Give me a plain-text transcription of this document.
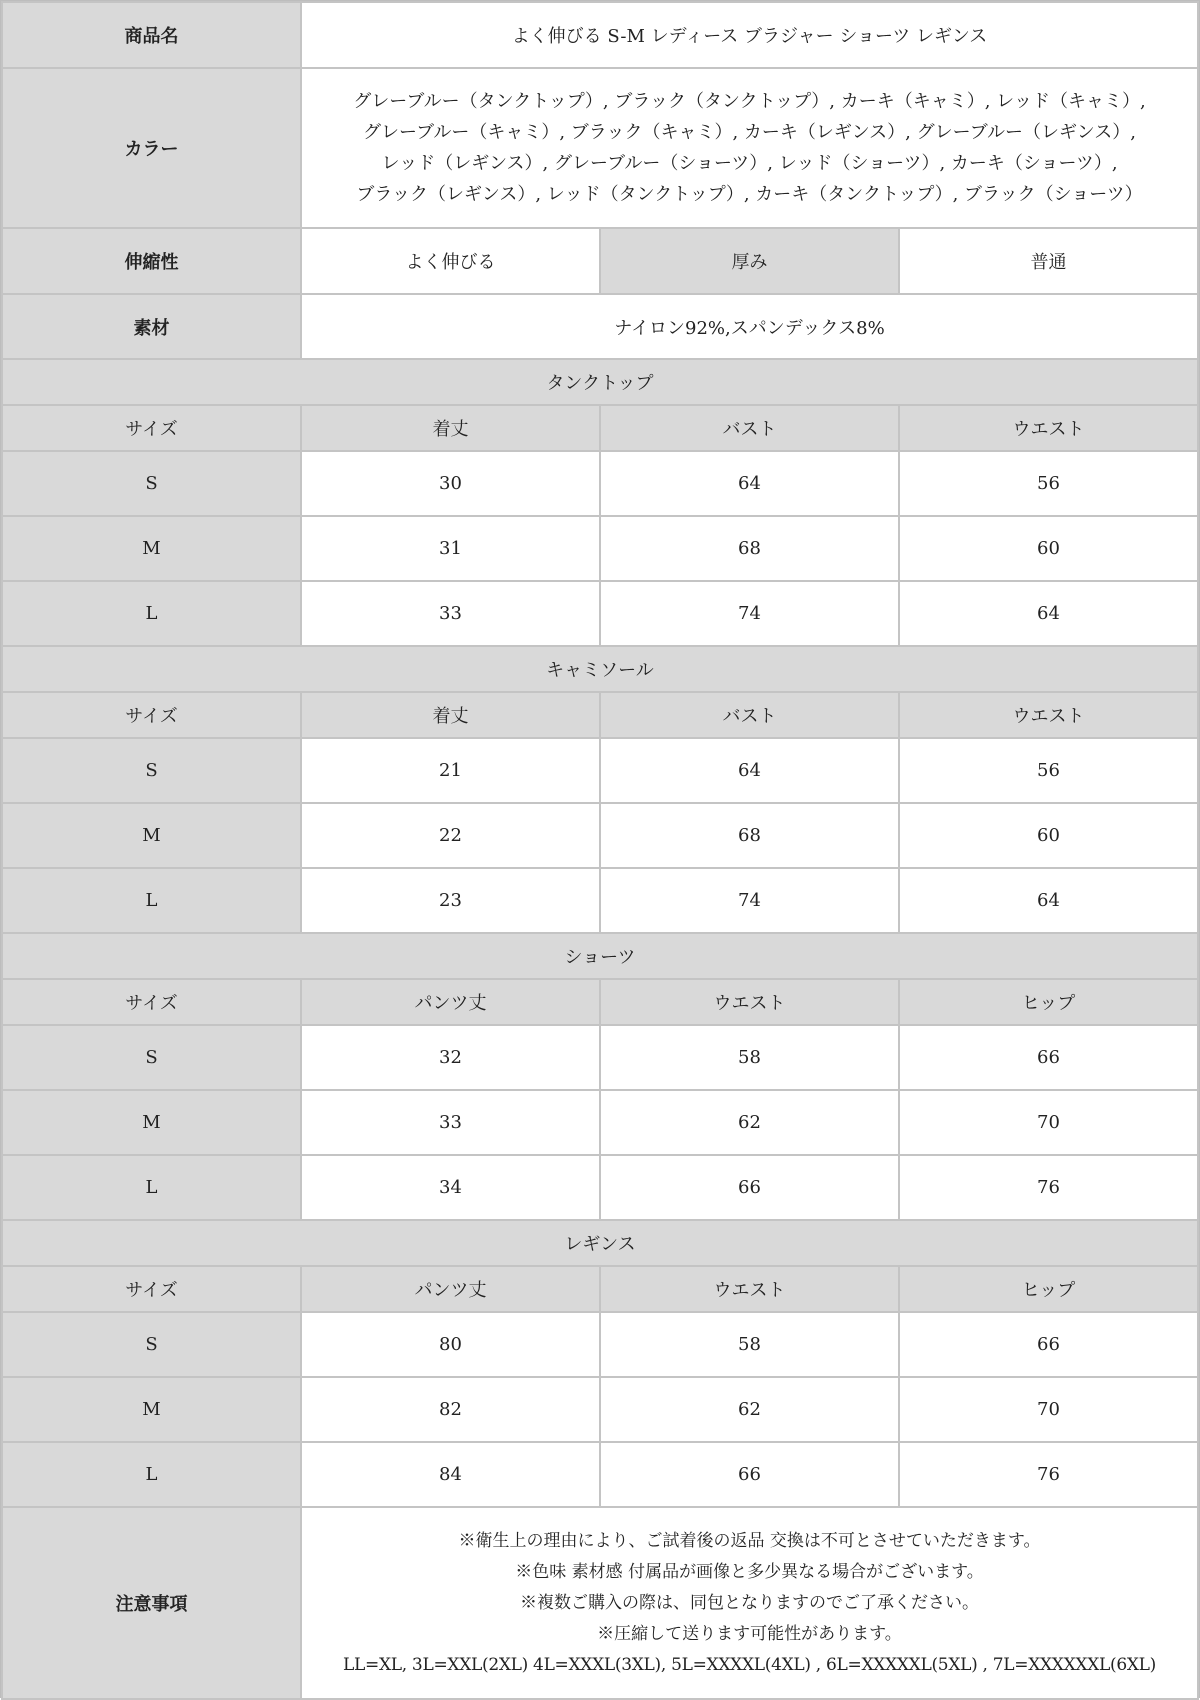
商品名	よく伸びる S-M レディース ブラジャー ショーツ レギンス		
カラー	グレーブルー（タンクトップ）, ブラック（タンクトップ）, カーキ（キャミ）, レッド（キャミ）,
グレーブルー（キャミ）, ブラック（キャミ）, カーキ（レギンス）, グレーブルー（レギンス）,
レッド（レギンス）, グレーブルー（ショーツ）, レッド（ショーツ）, カーキ（ショーツ）,
ブラック（レギンス）, レッド（タンクトップ）, カーキ（タンクトップ）, ブラック（ショーツ）		

伸縮性	よく伸びる	厚み	普通
素材	ナイロン92%,スパンデックス8%		
タンクトップ			
サイズ	着丈	バスト	ウエスト
S	30	64	56
M	31	68	60
L	33	74	64
キャミソール			
サイズ	着丈	バスト	ウエスト
S	21	64	56
M	22	68	60
L	23	74	64
ショーツ			
サイズ	パンツ丈	ウエスト	ヒップ
S	32	58	66
M	33	62	70
L	34	66	76
レギンス			
サイズ	パンツ丈	ウエスト	ヒップ
S	80	58	66
M	82	62	70
L	84	66	76
注意事項	※衛生上の理由により、ご試着後の返品 交換は不可とさせていただきます。
※色味 素材感 付属品が画像と多少異なる場合がございます。
※複数ご購入の際は、同包となりますのでご了承ください。
※圧縮して送ります可能性があります。
LL=XL, 3L=XXL(2XL) 4L=XXXL(3XL), 5L=XXXXL(4XL) , 6L=XXXXXL(5XL) , 7L=XXXXXXL(6XL)		
